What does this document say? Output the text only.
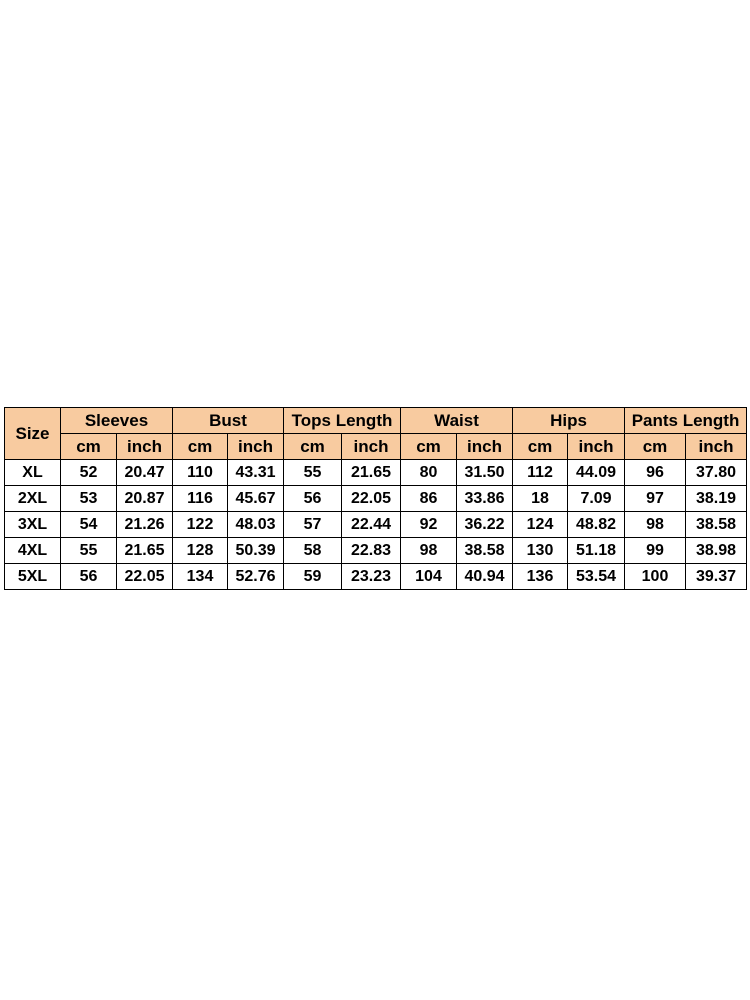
Size	Sleeves		Bust		Tops Length		Waist		Hips		Pants Length	
	cm	inch	cm	inch	cm	inch	cm	inch	cm	inch	cm	inch
XL	52	20.47	110	43.31	55	21.65	80	31.50	112	44.09	96	37.80
2XL	53	20.87	116	45.67	56	22.05	86	33.86	18	7.09	97	38.19
3XL	54	21.26	122	48.03	57	22.44	92	36.22	124	48.82	98	38.58
4XL	55	21.65	128	50.39	58	22.83	98	38.58	130	51.18	99	38.98
5XL	56	22.05	134	52.76	59	23.23	104	40.94	136	53.54	100	39.37
